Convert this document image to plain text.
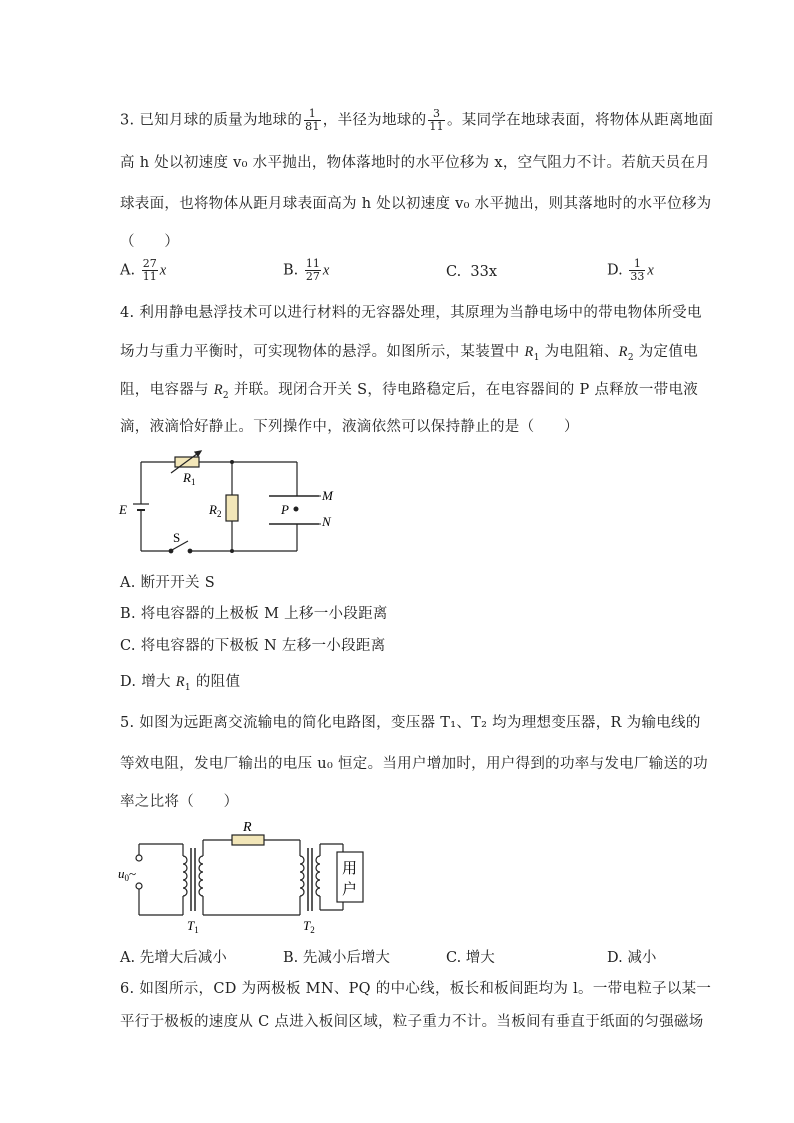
3. 已知月球的质量为地球的 $\frac{1}{81}$ ，半径为地球的 $\frac{3}{11}$ 。某同学在地球表面，将物体从距离地面
高 h 处以初速度 v₀ 水平抛出，物体落地时的水平位移为 x，空气阻力不计。若航天员在月
球表面，也将物体从距月球表面高为 h 处以初速度 v₀ 水平抛出，则其落地时的水平位移为
（　　）
A. $\frac{27}{11}$ x	B. $\frac{11}{27}$ x	C. 33x	D. $\frac{1}{33}$ x
4. 利用静电悬浮技术可以进行材料的无容器处理，其原理为当静电场中的带电物体所受电
场力与重力平衡时，可实现物体的悬浮。如图所示，某装置中 $R_1$ 为电阻箱、$R_2$ 为定值电
阻，电容器与 $R_2$ 并联。现闭合开关 S，待电路稳定后，在电容器间的 P 点释放一带电液
滴，液滴恰好静止。下列操作中，液滴依然可以保持静止的是（　　）
$R_1$
$R_2$
E
S
P
M
N
A. 断开开关 S
B. 将电容器的上极板 M 上移一小段距离
C. 将电容器的下极板 N 左移一小段距离
D. 增大 $R_1$ 的阻值
5. 如图为远距离交流输电的简化电路图，变压器 T₁、T₂ 均为理想变压器，R 为输电线的
等效电阻，发电厂输出的电压 u₀ 恒定。当用户增加时，用户得到的功率与发电厂输送的功
率之比将（　　）
R
$u_0\sim$
$T_1$	$T_2$
用
户
A. 先增大后减小	B. 先减小后增大	C. 增大	D. 减小
6. 如图所示，CD 为两极板 MN、PQ 的中心线，板长和板间距均为 l。一带电粒子以某一
平行于极板的速度从 C 点进入板间区域，粒子重力不计。当板间有垂直于纸面的匀强磁场
